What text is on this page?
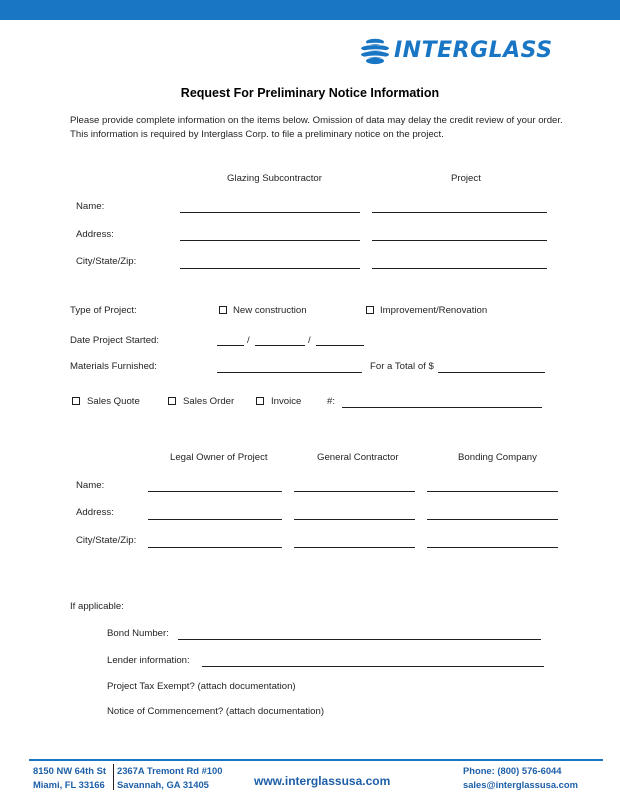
INTERGLASS
Request For Preliminary Notice Information
Please provide complete information on the items below. Omission of data may delay the credit review of your order. This information is required by Interglass Corp. to file a preliminary notice on the project.
Glazing Subcontractor	Project
Name:
Address:
City/State/Zip:
Type of Project:	New construction	Improvement/Renovation
Date Project Started:	/	/
Materials Furnished:	For a Total of $
Sales Quote	Sales Order	Invoice	#:
Legal Owner of Project	General Contractor	Bonding Company
Name:
Address:
City/State/Zip:
If applicable:
Bond Number:
Lender information:
Project Tax Exempt? (attach documentation)
Notice of Commencement? (attach documentation)
8150 NW 64th St
Miami, FL 33166
2367A Tremont Rd #100
Savannah, GA 31405	www.interglassusa.com
Phone: (800) 576-6044
sales@interglassusa.com
